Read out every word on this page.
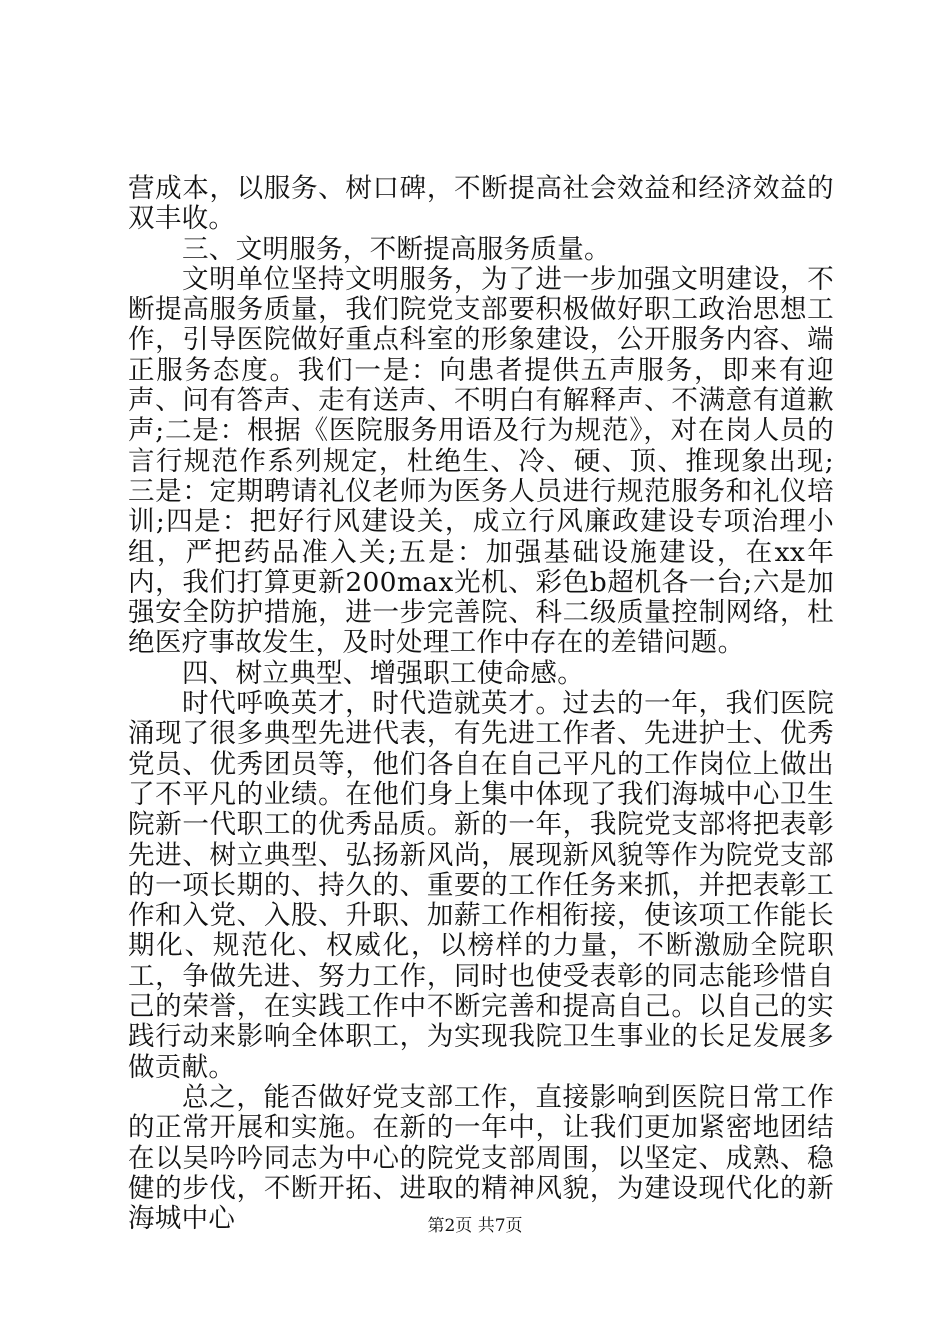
营成本，以服务、树口碑，不断提高社会效益和经济效益的双丰收。

三、文明服务，不断提高服务质量。

文明单位坚持文明服务，为了进一步加强文明建设，不断提高服务质量，我们院党支部要积极做好职工政治思想工作，引导医院做好重点科室的形象建设，公开服务内容、端正服务态度。我们一是：向患者提供五声服务，即来有迎声、问有答声、走有送声、不明白有解释声、不满意有道歉声;二是：根据《医院服务用语及行为规范》，对在岗人员的言行规范作系列规定，杜绝生、冷、硬、顶、推现象出现;三是：定期聘请礼仪老师为医务人员进行规范服务和礼仪培训;四是：把好行风建设关，成立行风廉政建设专项治理小组，严把药品准入关;五是：加强基础设施建设，在xx年内，我们打算更新200max光机、彩色b超机各一台;六是加强安全防护措施，进一步完善院、科二级质量控制网络，杜绝医疗事故发生，及时处理工作中存在的差错问题。

四、树立典型、增强职工使命感。

时代呼唤英才，时代造就英才。过去的一年，我们医院涌现了很多典型先进代表，有先进工作者、先进护士、优秀党员、优秀团员等，他们各自在自己平凡的工作岗位上做出了不平凡的业绩。在他们身上集中体现了我们海城中心卫生院新一代职工的优秀品质。新的一年，我院党支部将把表彰先进、树立典型、弘扬新风尚，展现新风貌等作为院党支部的一项长期的、持久的、重要的工作任务来抓，并把表彰工作和入党、入股、升职、加薪工作相衔接，使该项工作能长期化、规范化、权威化，以榜样的力量，不断激励全院职工，争做先进、努力工作，同时也使受表彰的同志能珍惜自己的荣誉，在实践工作中不断完善和提高自己。以自己的实践行动来影响全体职工，为实现我院卫生事业的长足发展多做贡献。

总之，能否做好党支部工作，直接影响到医院日常工作的正常开展和实施。在新的一年中，让我们更加紧密地团结在以吴吟吟同志为中心的院党支部周围，以坚定、成熟、稳健的步伐，不断开拓、进取的精神风貌，为建设现代化的新海城中心	第2页 共7页
